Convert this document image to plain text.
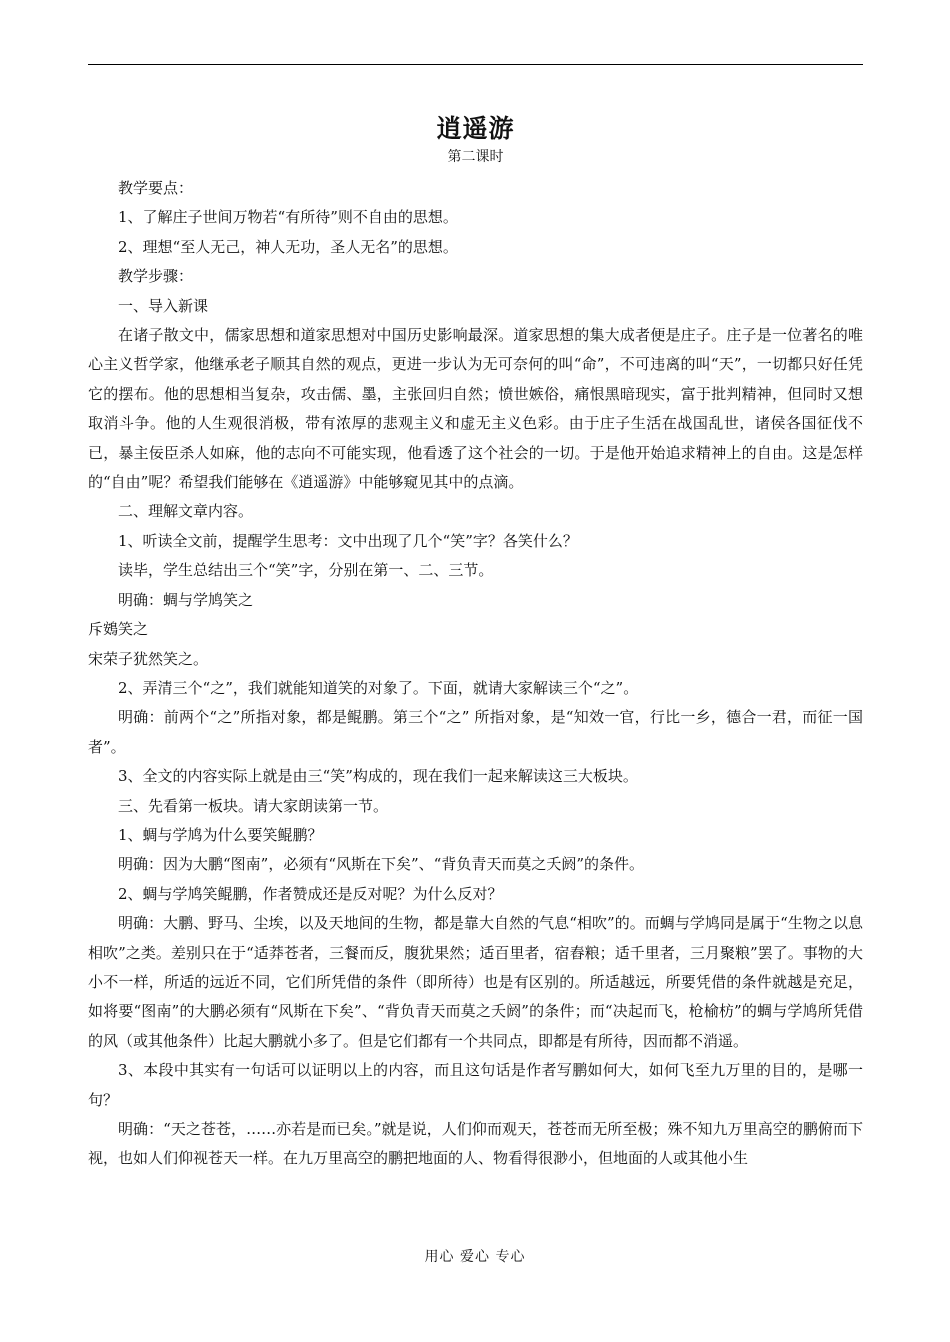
逍遥游
第二课时

教学要点：

1、了解庄子世间万物若“有所待”则不自由的思想。

2、理想“至人无己，神人无功，圣人无名”的思想。

教学步骤：

一、导入新课

在诸子散文中，儒家思想和道家思想对中国历史影响最深。道家思想的集大成者便是庄子。庄子是一位著名的唯心主义哲学家，他继承老子顺其自然的观点，更进一步认为无可奈何的叫“命”，不可违离的叫“天”，一切都只好任凭它的摆布。他的思想相当复杂，攻击儒、墨，主张回归自然；愤世嫉俗，痛恨黑暗现实，富于批判精神，但同时又想取消斗争。他的人生观很消极，带有浓厚的悲观主义和虚无主义色彩。由于庄子生活在战国乱世，诸侯各国征伐不已，暴主佞臣杀人如麻，他的志向不可能实现，他看透了这个社会的一切。于是他开始追求精神上的自由。这是怎样的“自由”呢？希望我们能够在《逍遥游》中能够窥见其中的点滴。

二、理解文章内容。

1、听读全文前，提醒学生思考：文中出现了几个“笑”字？各笑什么？

读毕，学生总结出三个“笑”字，分别在第一、二、三节。

明确：蜩与学鸠笑之

斥鴳笑之

宋荣子犹然笑之。

2、弄清三个“之”，我们就能知道笑的对象了。下面，就请大家解读三个“之”。

明确：前两个“之”所指对象，都是鲲鹏。第三个“之” 所指对象，是“知效一官，行比一乡，德合一君，而征一国者”。

3、全文的内容实际上就是由三“笑”构成的，现在我们一起来解读这三大板块。

三、先看第一板块。请大家朗读第一节。

1、蜩与学鸠为什么要笑鲲鹏？

明确：因为大鹏“图南”，必须有“风斯在下矣”、“背负青天而莫之夭阏”的条件。

2、蜩与学鸠笑鲲鹏，作者赞成还是反对呢？为什么反对？

明确：大鹏、野马、尘埃，以及天地间的生物，都是靠大自然的气息“相吹”的。而蜩与学鸠同是属于“生物之以息相吹”之类。差别只在于“适莽苍者，三餐而反，腹犹果然；适百里者，宿舂粮；适千里者，三月聚粮”罢了。事物的大小不一样，所适的远近不同，它们所凭借的条件（即所待）也是有区别的。所适越远，所要凭借的条件就越是充足，如将要“图南”的大鹏必须有“风斯在下矣”、“背负青天而莫之夭阏”的条件；而“决起而飞，枪榆枋”的蜩与学鸠所凭借的风（或其他条件）比起大鹏就小多了。但是它们都有一个共同点，即都是有所待，因而都不消遥。

3、本段中其实有一句话可以证明以上的内容，而且这句话是作者写鹏如何大，如何飞至九万里的目的，是哪一句？

明确：“天之苍苍，……亦若是而已矣。”就是说，人们仰而观天，苍苍而无所至极；殊不知九万里高空的鹏俯而下视，也如人们仰视苍天一样。在九万里高空的鹏把地面的人、物看得很渺小，但地面的人或其他小生

用心 爱心 专心
